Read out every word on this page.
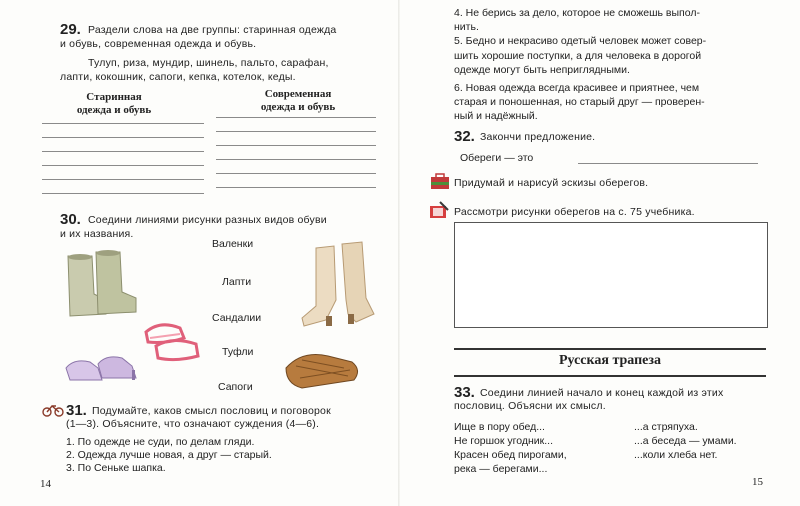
29. Раздели слова на две группы: старинная одежда
и обувь, современная одежда и обувь.
Тулуп, риза, мундир, шинель, пальто, сарафан,
лапти, кокошник, сапоги, кепка, котелок, кеды.
Старинная
одежда и обувь
Современная
одежда и обувь
30. Соедини линиями рисунки разных видов обуви
и их названия.
Валенки
Лапти
Сандалии
Туфли
Сапоги
31. Подумайте, каков смысл пословиц и поговорок
(1—3). Объясните, что означают суждения (4—6).
1. По одежде не суди, по делам гляди.
2. Одежда лучше новая, а друг — старый.
3. По Сеньке шапка.
14
4. Не берись за дело, которое не сможешь выпол-
нить.
5. Бедно и некрасиво одетый человек может совер-
шить хорошие поступки, а для человека в дорогой
одежде могут быть неприглядными.
6. Новая одежда всегда красивее и приятнее, чем
старая и поношенная, но старый друг — проверен-
ный и надёжный.
32. Закончи предложение.
Обереги — это
Придумай и нарисуй эскизы оберегов.
Рассмотри рисунки оберегов на с. 75 учебника.
Русская трапеза
33. Соедини линией начало и конец каждой из этих
пословиц. Объясни их смысл.
Ище в пору обед...
Не горшок угодник...
Красен обед пирогами,
река — берегами...
...а стряпуха.
...а беседа — умами.
...коли хлеба нет.
15
